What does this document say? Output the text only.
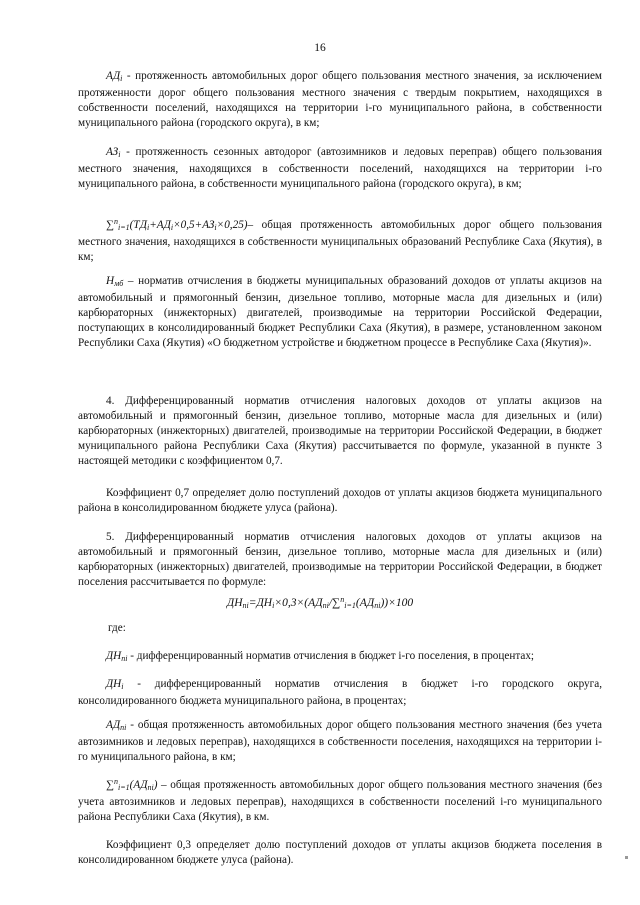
16
$АД_i$ - протяженность автомобильных дорог общего пользования местного значения, за исключением протяженности дорог общего пользования местного значения с твердым покрытием, находящихся в собственности поселений, находящихся на территории i-го муниципального района, в собственности муниципального района (городского округа), в км;
$АЗ_i$ - протяженность сезонных автодорог (автозимников и ледовых переправ) общего пользования местного значения, находящихся в собственности поселений, находящихся на территории i-го муниципального района, в собственности муниципального района (городского округа), в км;
$\sum^n_{i=1}(ТД_i+АД_i\times 0,5+АЗ_i\times 0,25)-$ общая протяженность автомобильных дорог общего пользования местного значения, находящихся в собственности муниципальных образований Республике Саха (Якутия), в км;
$Н_{мб}$ – норматив отчисления в бюджеты муниципальных образований доходов от уплаты акцизов на автомобильный и прямогонный бензин, дизельное топливо, моторные масла для дизельных и (или) карбюраторных (инжекторных) двигателей, производимые на территории Российской Федерации, поступающих в консолидированный бюджет Республики Саха (Якутия), в размере, установленном законом Республики Саха (Якутия) «О бюджетном устройстве и бюджетном процессе в Республике Саха (Якутия)».
4. Дифференцированный норматив отчисления налоговых доходов от уплаты акцизов на автомобильный и прямогонный бензин, дизельное топливо, моторные масла для дизельных и (или) карбюраторных (инжекторных) двигателей, производимые на территории Российской Федерации, в бюджет муниципального района Республики Саха (Якутия) рассчитывается по формуле, указанной в пункте 3 настоящей методики с коэффициентом 0,7.
Коэффициент 0,7 определяет долю поступлений доходов от уплаты акцизов бюджета муниципального района в консолидированном бюджете улуса (района).
5. Дифференцированный норматив отчисления налоговых доходов от уплаты акцизов на автомобильный и прямогонный бензин, дизельное топливо, моторные масла для дизельных и (или) карбюраторных (инжекторных) двигателей, производимые на территории Российской Федерации, в бюджет поселения рассчитывается по формуле:
$ДН_{ni}=ДН_i\times 0,3\times(АД_{ni}/\sum^n_{i=1}(АД_{ni}))\times 100$
где:
$ДН_{ni}$ - дифференцированный норматив отчисления в бюджет i-го поселения, в процентах;
$ДН_i$ - дифференцированный норматив отчисления в бюджет i-го городского округа, консолидированного бюджета муниципального района, в процентах;
$АД_{ni}$ - общая протяженность автомобильных дорог общего пользования местного значения (без учета автозимников и ледовых переправ), находящихся в собственности поселения, находящихся на территории i-го муниципального района, в км;
$\sum^n_{i=1}(АД_{ni})$ – общая протяженность автомобильных дорог общего пользования местного значения (без учета автозимников и ледовых переправ), находящихся в собственности поселений i-го муниципального района Республики Саха (Якутия), в км.
Коэффициент 0,3 определяет долю поступлений доходов от уплаты акцизов бюджета поселения в консолидированном бюджете улуса (района).
